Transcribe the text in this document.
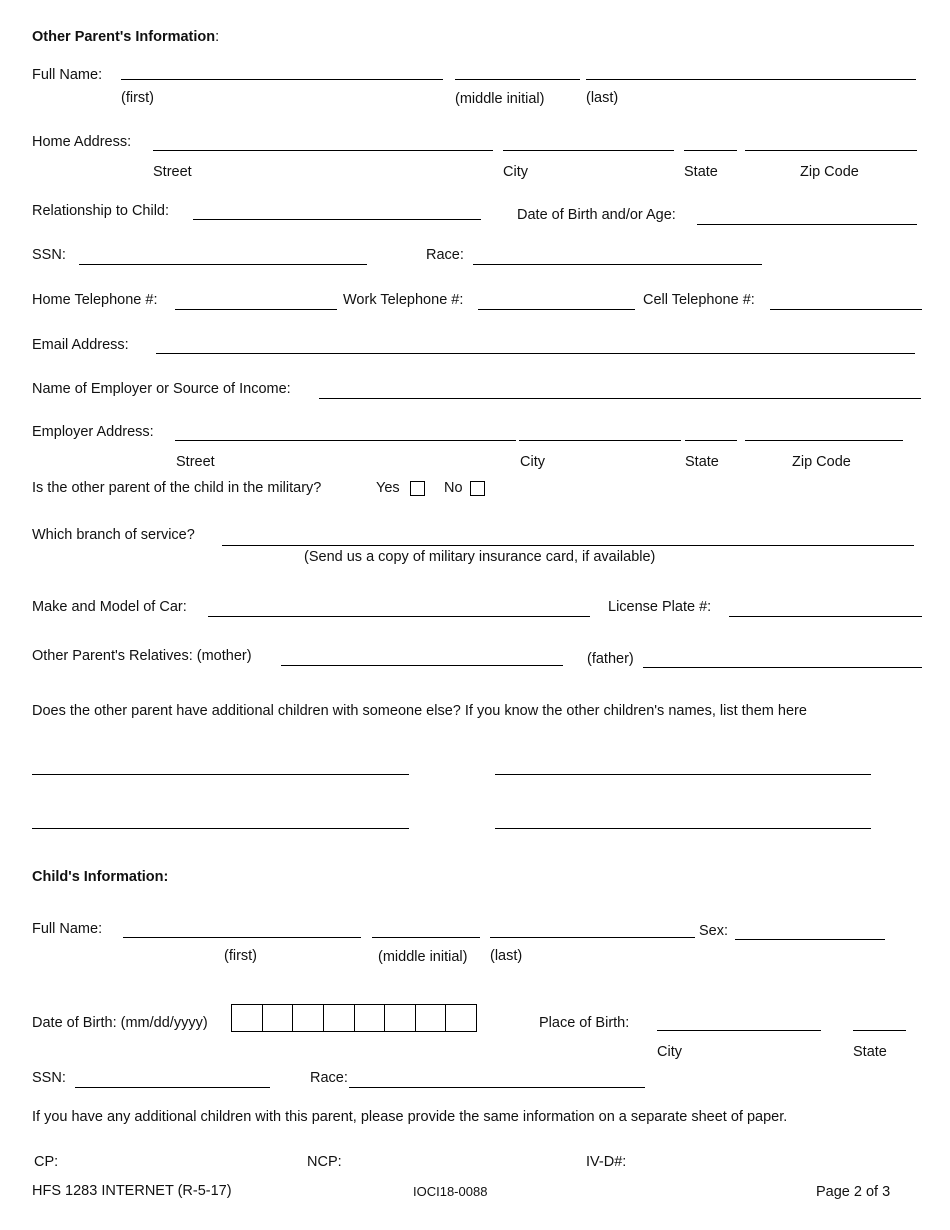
Other Parent's Information:
Full Name:
(first)	(middle initial)	(last)
Home Address:
Street	City	State	Zip Code
Relationship to Child:	Date of Birth and/or Age:
SSN:	Race:
Home Telephone #:	Work Telephone #:	Cell Telephone #:
Email Address:
Name of Employer or Source of Income:
Employer Address:
Street	City	State	Zip Code
Is the other parent of the child in the military?	Yes	No
Which branch of service?
(Send us a copy of military insurance card, if available)
Make and Model of Car:	License Plate #:
Other Parent's Relatives: (mother)	(father)
Does the other parent have additional children with someone else? If you know the other children's names, list them here
Child's Information:
Full Name:	Sex:
(first)	(middle initial) (last)
Date of Birth: (mm/dd/yyyy)	Place of Birth:
City	State
SSN:	Race:
If you have any additional children with this parent, please provide the same information on a separate sheet of paper.
CP:	NCP:	IV-D#:
HFS 1283 INTERNET (R-5-17)	IOCI18-0088	Page 2 of 3
